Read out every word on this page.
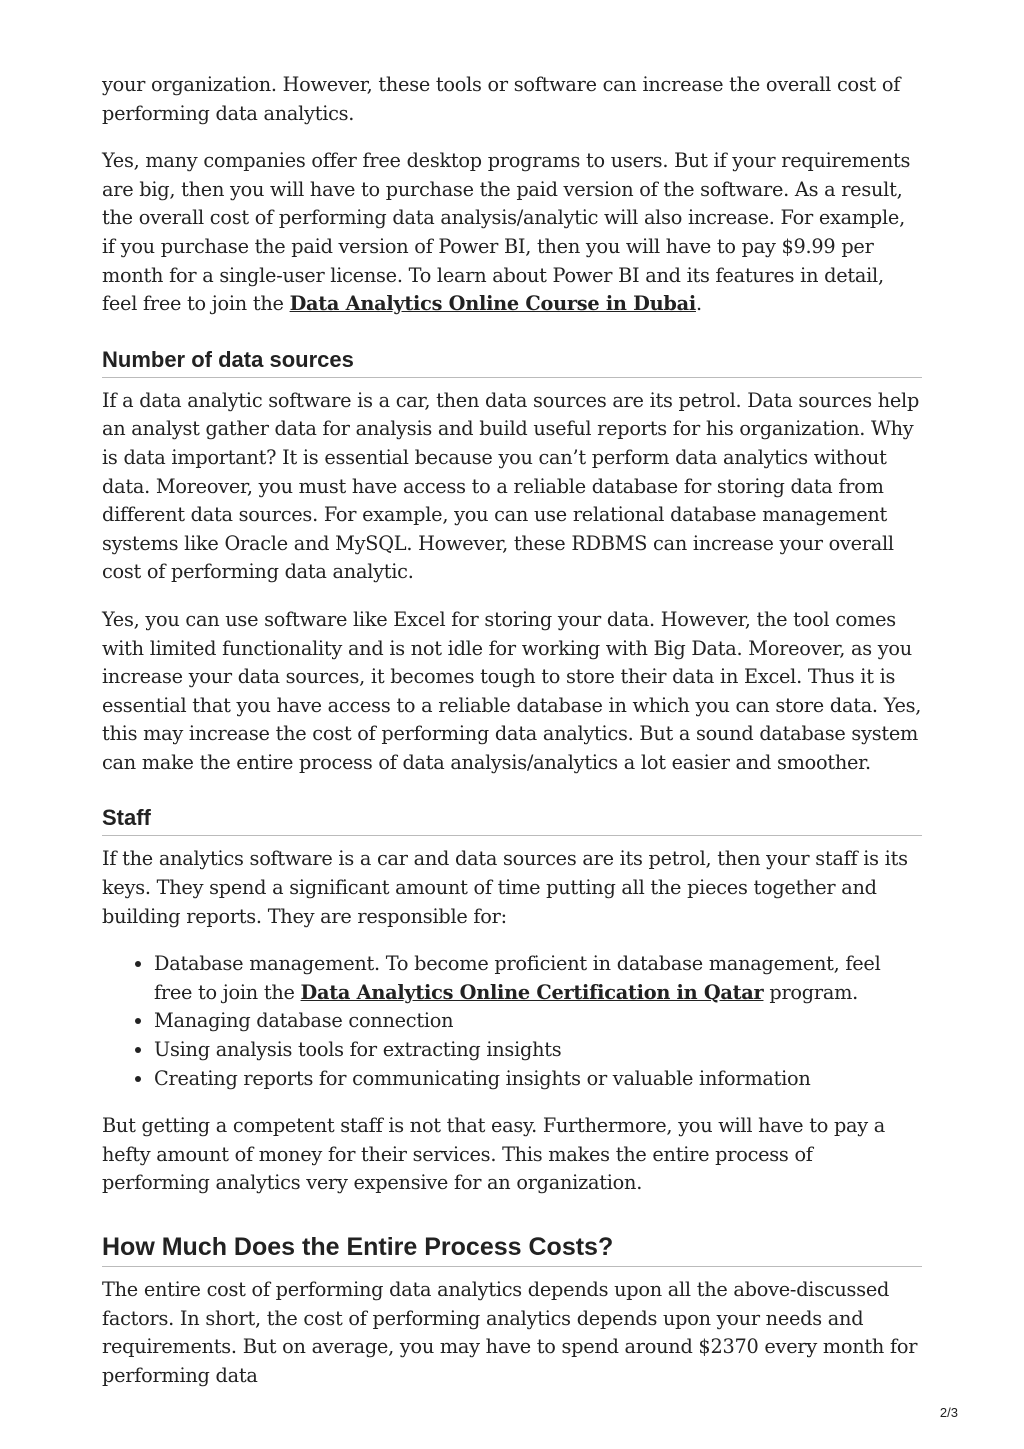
your organization. However, these tools or software can increase the overall cost of performing data analytics.

Yes, many companies offer free desktop programs to users. But if your requirements are big, then you will have to purchase the paid version of the software. As a result, the overall cost of performing data analysis/analytic will also increase. For example, if you purchase the paid version of Power BI, then you will have to pay $9.99 per month for a single-user license. To learn about Power BI and its features in detail, feel free to join the Data Analytics Online Course in Dubai.

Number of data sources

If a data analytic software is a car, then data sources are its petrol. Data sources help an analyst gather data for analysis and build useful reports for his organization. Why is data important? It is essential because you can’t perform data analytics without data. Moreover, you must have access to a reliable database for storing data from different data sources. For example, you can use relational database management systems like Oracle and MySQL. However, these RDBMS can increase your overall cost of performing data analytic.

Yes, you can use software like Excel for storing your data. However, the tool comes with limited functionality and is not idle for working with Big Data. Moreover, as you increase your data sources, it becomes tough to store their data in Excel. Thus it is essential that you have access to a reliable database in which you can store data. Yes, this may increase the cost of performing data analytics. But a sound database system can make the entire process of data analysis/analytics a lot easier and smoother.

Staff

If the analytics software is a car and data sources are its petrol, then your staff is its keys. They spend a significant amount of time putting all the pieces together and building reports. They are responsible for:

• Database management. To become proficient in database management, feel free to join the Data Analytics Online Certification in Qatar program.
• Managing database connection
• Using analysis tools for extracting insights
• Creating reports for communicating insights or valuable information

But getting a competent staff is not that easy. Furthermore, you will have to pay a hefty amount of money for their services. This makes the entire process of performing analytics very expensive for an organization.

How Much Does the Entire Process Costs?

The entire cost of performing data analytics depends upon all the above-discussed factors. In short, the cost of performing analytics depends upon your needs and requirements. But on average, you may have to spend around $2370 every month for performing data

2/3
